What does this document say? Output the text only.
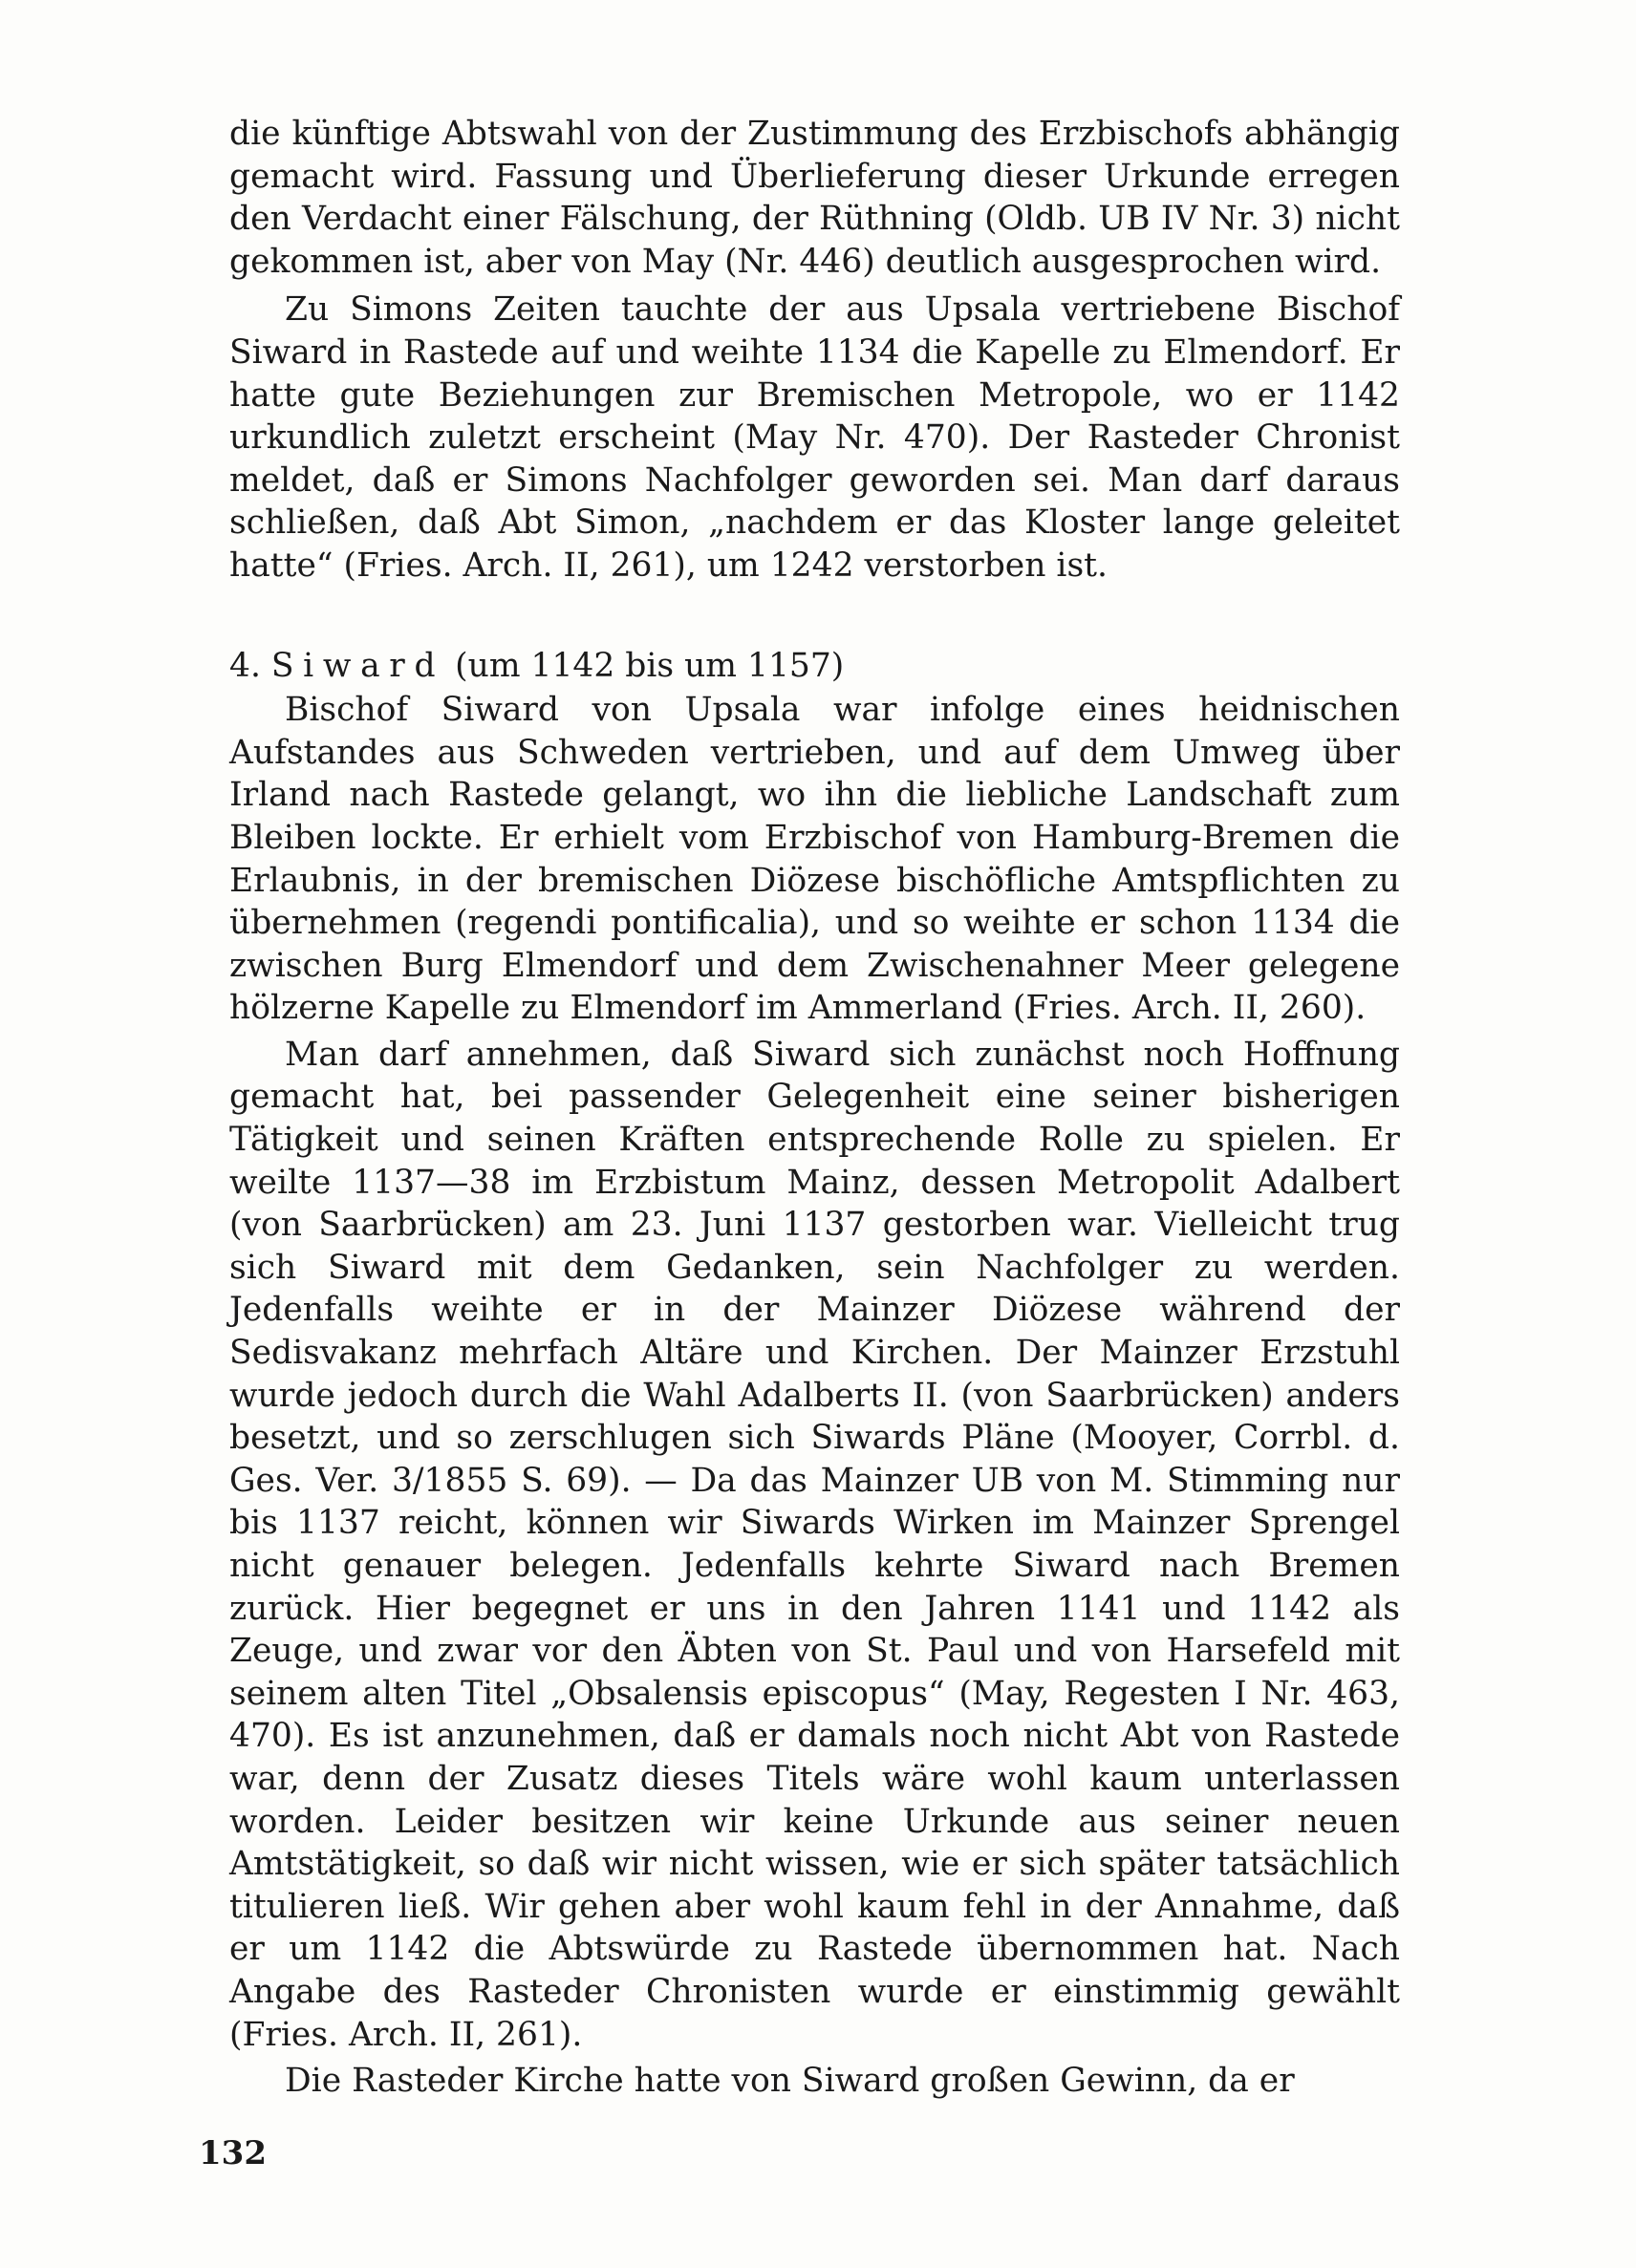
die künftige Abtswahl von der Zustimmung des Erzbischofs abhängig gemacht wird. Fassung und Überlieferung dieser Urkunde erregen den Verdacht einer Fälschung, der Rüthning (Oldb. UB IV Nr. 3) nicht gekommen ist, aber von May (Nr. 446) deutlich ausgesprochen wird.

Zu Simons Zeiten tauchte der aus Upsala vertriebene Bischof Siward in Rastede auf und weihte 1134 die Kapelle zu Elmendorf. Er hatte gute Beziehungen zur Bremischen Metropole, wo er 1142 urkundlich zuletzt erscheint (May Nr. 470). Der Rasteder Chronist meldet, daß er Simons Nachfolger geworden sei. Man darf daraus schließen, daß Abt Simon, „nachdem er das Kloster lange geleitet hatte“ (Fries. Arch. II, 261), um 1242 verstorben ist.

4. Siward (um 1142 bis um 1157)

Bischof Siward von Upsala war infolge eines heidnischen Aufstandes aus Schweden vertrieben, und auf dem Umweg über Irland nach Rastede gelangt, wo ihn die liebliche Landschaft zum Bleiben lockte. Er erhielt vom Erzbischof von Hamburg-Bremen die Erlaubnis, in der bremischen Diözese bischöfliche Amtspflichten zu übernehmen (regendi pontificalia), und so weihte er schon 1134 die zwischen Burg Elmendorf und dem Zwischenahner Meer gelegene hölzerne Kapelle zu Elmendorf im Ammerland (Fries. Arch. II, 260).

Man darf annehmen, daß Siward sich zunächst noch Hoffnung gemacht hat, bei passender Gelegenheit eine seiner bisherigen Tätigkeit und seinen Kräften entsprechende Rolle zu spielen. Er weilte 1137—38 im Erzbistum Mainz, dessen Metropolit Adalbert (von Saarbrücken) am 23. Juni 1137 gestorben war. Vielleicht trug sich Siward mit dem Gedanken, sein Nachfolger zu werden. Jedenfalls weihte er in der Mainzer Diözese während der Sedisvakanz mehrfach Altäre und Kirchen. Der Mainzer Erzstuhl wurde jedoch durch die Wahl Adalberts II. (von Saarbrücken) anders besetzt, und so zerschlugen sich Siwards Pläne (Mooyer, Corrbl. d. Ges. Ver. 3/1855 S. 69). — Da das Mainzer UB von M. Stimming nur bis 1137 reicht, können wir Siwards Wirken im Mainzer Sprengel nicht genauer belegen. Jedenfalls kehrte Siward nach Bremen zurück. Hier begegnet er uns in den Jahren 1141 und 1142 als Zeuge, und zwar vor den Äbten von St. Paul und von Harsefeld mit seinem alten Titel „Obsalensis episcopus“ (May, Regesten I Nr. 463, 470). Es ist anzunehmen, daß er damals noch nicht Abt von Rastede war, denn der Zusatz dieses Titels wäre wohl kaum unterlassen worden. Leider besitzen wir keine Urkunde aus seiner neuen Amtstätigkeit, so daß wir nicht wissen, wie er sich später tatsächlich titulieren ließ. Wir gehen aber wohl kaum fehl in der Annahme, daß er um 1142 die Abtswürde zu Rastede übernommen hat. Nach Angabe des Rasteder Chronisten wurde er einstimmig gewählt (Fries. Arch. II, 261).

Die Rasteder Kirche hatte von Siward großen Gewinn, da er

132
